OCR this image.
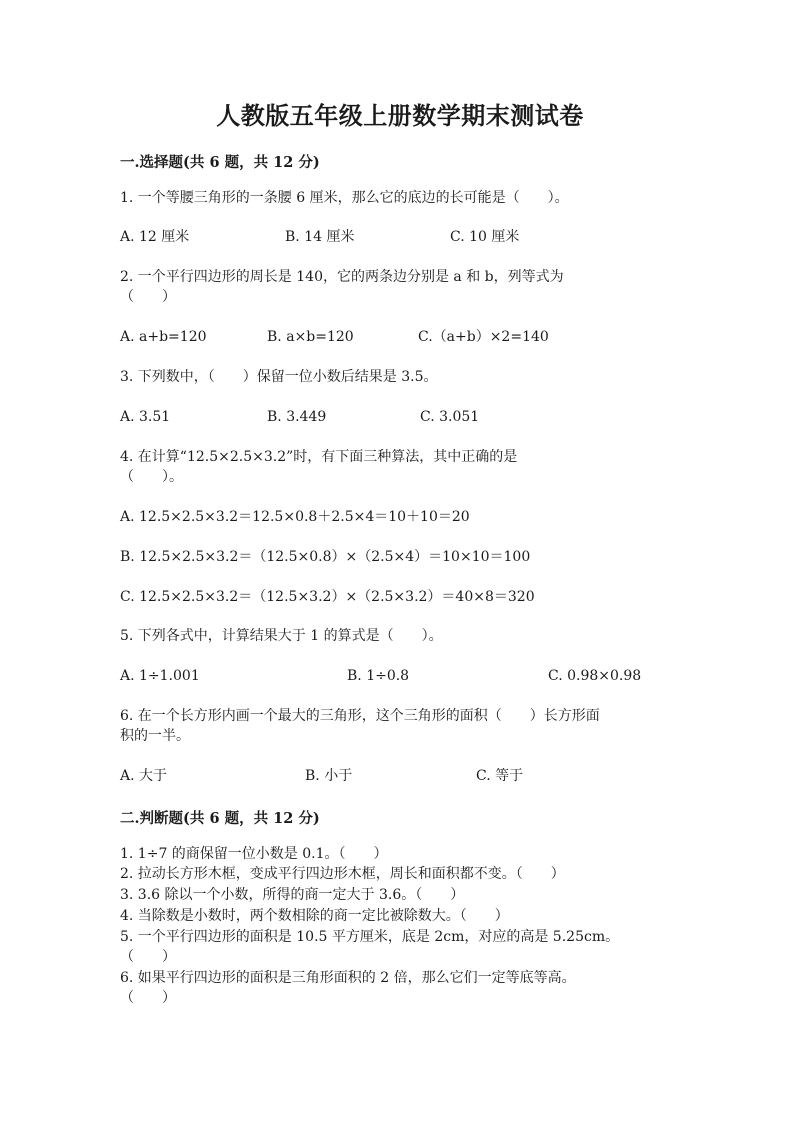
人教版五年级上册数学期末测试卷
一.选择题(共 6 题，共 12 分)
1. 一个等腰三角形的一条腰 6 厘米，那么它的底边的长可能是（　　）。
A. 12 厘米	B. 14 厘米	C. 10 厘米
2. 一个平行四边形的周长是 140，它的两条边分别是 a 和 b，列等式为
（　　）
A. a+b=120	B. a×b=120	C.（a+b）×2=140
3. 下列数中，（　　）保留一位小数后结果是 3.5。
A. 3.51	B. 3.449	C. 3.051
4. 在计算“12.5×2.5×3.2”时，有下面三种算法，其中正确的是
（　　）。
A. 12.5×2.5×3.2＝12.5×0.8＋2.5×4＝10＋10＝20
B. 12.5×2.5×3.2＝（12.5×0.8）×（2.5×4）＝10×10＝100
C. 12.5×2.5×3.2＝（12.5×3.2）×（2.5×3.2）＝40×8＝320
5. 下列各式中，计算结果大于 1 的算式是（　　）。
A. 1÷1.001	B. 1÷0.8	C. 0.98×0.98
6. 在一个长方形内画一个最大的三角形，这个三角形的面积（　　）长方形面
积的一半。
A. 大于	B. 小于	C. 等于
二.判断题(共 6 题，共 12 分)
1. 1÷7 的商保留一位小数是 0.1。（　　）
2. 拉动长方形木框，变成平行四边形木框，周长和面积都不变。（　　）
3. 3.6 除以一个小数，所得的商一定大于 3.6。（　　）
4. 当除数是小数时，两个数相除的商一定比被除数大。（　　）
5. 一个平行四边形的面积是 10.5 平方厘米，底是 2cm，对应的高是 5.25cm。
（　　）
6. 如果平行四边形的面积是三角形面积的 2 倍，那么它们一定等底等高。
（　　）
